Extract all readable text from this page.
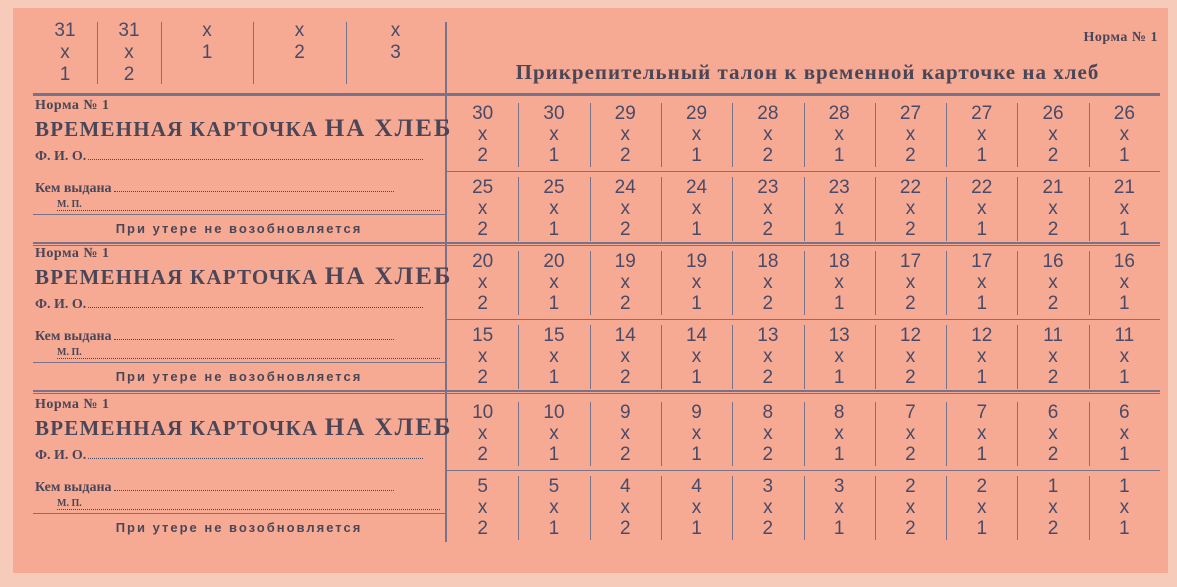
31
x
1
31
x
2
x
1
x
2
x
3
Норма № 1
Прикрепительный талон к временной карточке на хлеб
Норма № 1
ВРЕМЕННАЯ КАРТОЧКА НА ХЛЕБ
Ф. И. О.
Кем выдана
М. П.
При утере не возобновляется
30
x
2
30
x
1
29
x
2
29
x
1
28
x
2
28
x
1
27
x
2
27
x
1
26
x
2
26
x
1
25
x
2
25
x
1
24
x
2
24
x
1
23
x
2
23
x
1
22
x
2
22
x
1
21
x
2
21
x
1
Норма № 1
ВРЕМЕННАЯ КАРТОЧКА НА ХЛЕБ
Ф. И. О.
Кем выдана
М. П.
При утере не возобновляется
20
x
2
20
x
1
19
x
2
19
x
1
18
x
2
18
x
1
17
x
2
17
x
1
16
x
2
16
x
1
15
x
2
15
x
1
14
x
2
14
x
1
13
x
2
13
x
1
12
x
2
12
x
1
11
x
2
11
x
1
Норма № 1
ВРЕМЕННАЯ КАРТОЧКА НА ХЛЕБ
Ф. И. О.
Кем выдана
М. П.
При утере не возобновляется
10
x
2
10
x
1
9
x
2
9
x
1
8
x
2
8
x
1
7
x
2
7
x
1
6
x
2
6
x
1
5
x
2
5
x
1
4
x
2
4
x
1
3
x
2
3
x
1
2
x
2
2
x
1
1
x
2
1
x
1
